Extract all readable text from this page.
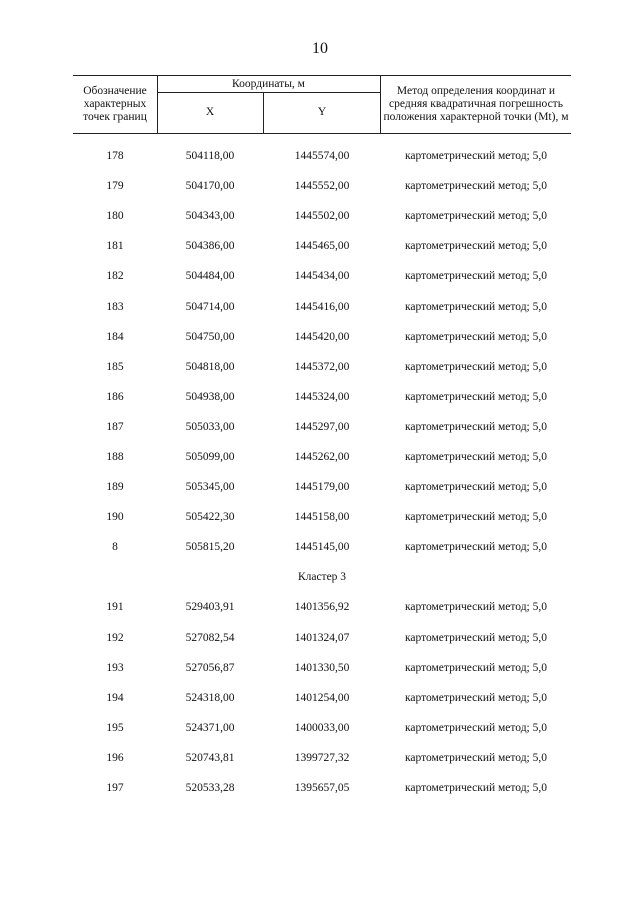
10
Обозначение характерных точек границ
Координаты, м
X	Y
Метод определения координат и средняя квадратичная погрешность положения характерной точки (Mt), м
178	504118,00	1445574,00	картометрический метод; 5,0
179	504170,00	1445552,00	картометрический метод; 5,0
180	504343,00	1445502,00	картометрический метод; 5,0
181	504386,00	1445465,00	картометрический метод; 5,0
182	504484,00	1445434,00	картометрический метод; 5,0
183	504714,00	1445416,00	картометрический метод; 5,0
184	504750,00	1445420,00	картометрический метод; 5,0
185	504818,00	1445372,00	картометрический метод; 5,0
186	504938,00	1445324,00	картометрический метод; 5,0
187	505033,00	1445297,00	картометрический метод; 5,0
188	505099,00	1445262,00	картометрический метод; 5,0
189	505345,00	1445179,00	картометрический метод; 5,0
190	505422,30	1445158,00	картометрический метод; 5,0
8	505815,20	1445145,00	картометрический метод; 5,0
Кластер 3
191	529403,91	1401356,92	картометрический метод; 5,0
192	527082,54	1401324,07	картометрический метод; 5,0
193	527056,87	1401330,50	картометрический метод; 5,0
194	524318,00	1401254,00	картометрический метод; 5,0
195	524371,00	1400033,00	картометрический метод; 5,0
196	520743,81	1399727,32	картометрический метод; 5,0
197	520533,28	1395657,05	картометрический метод; 5,0
